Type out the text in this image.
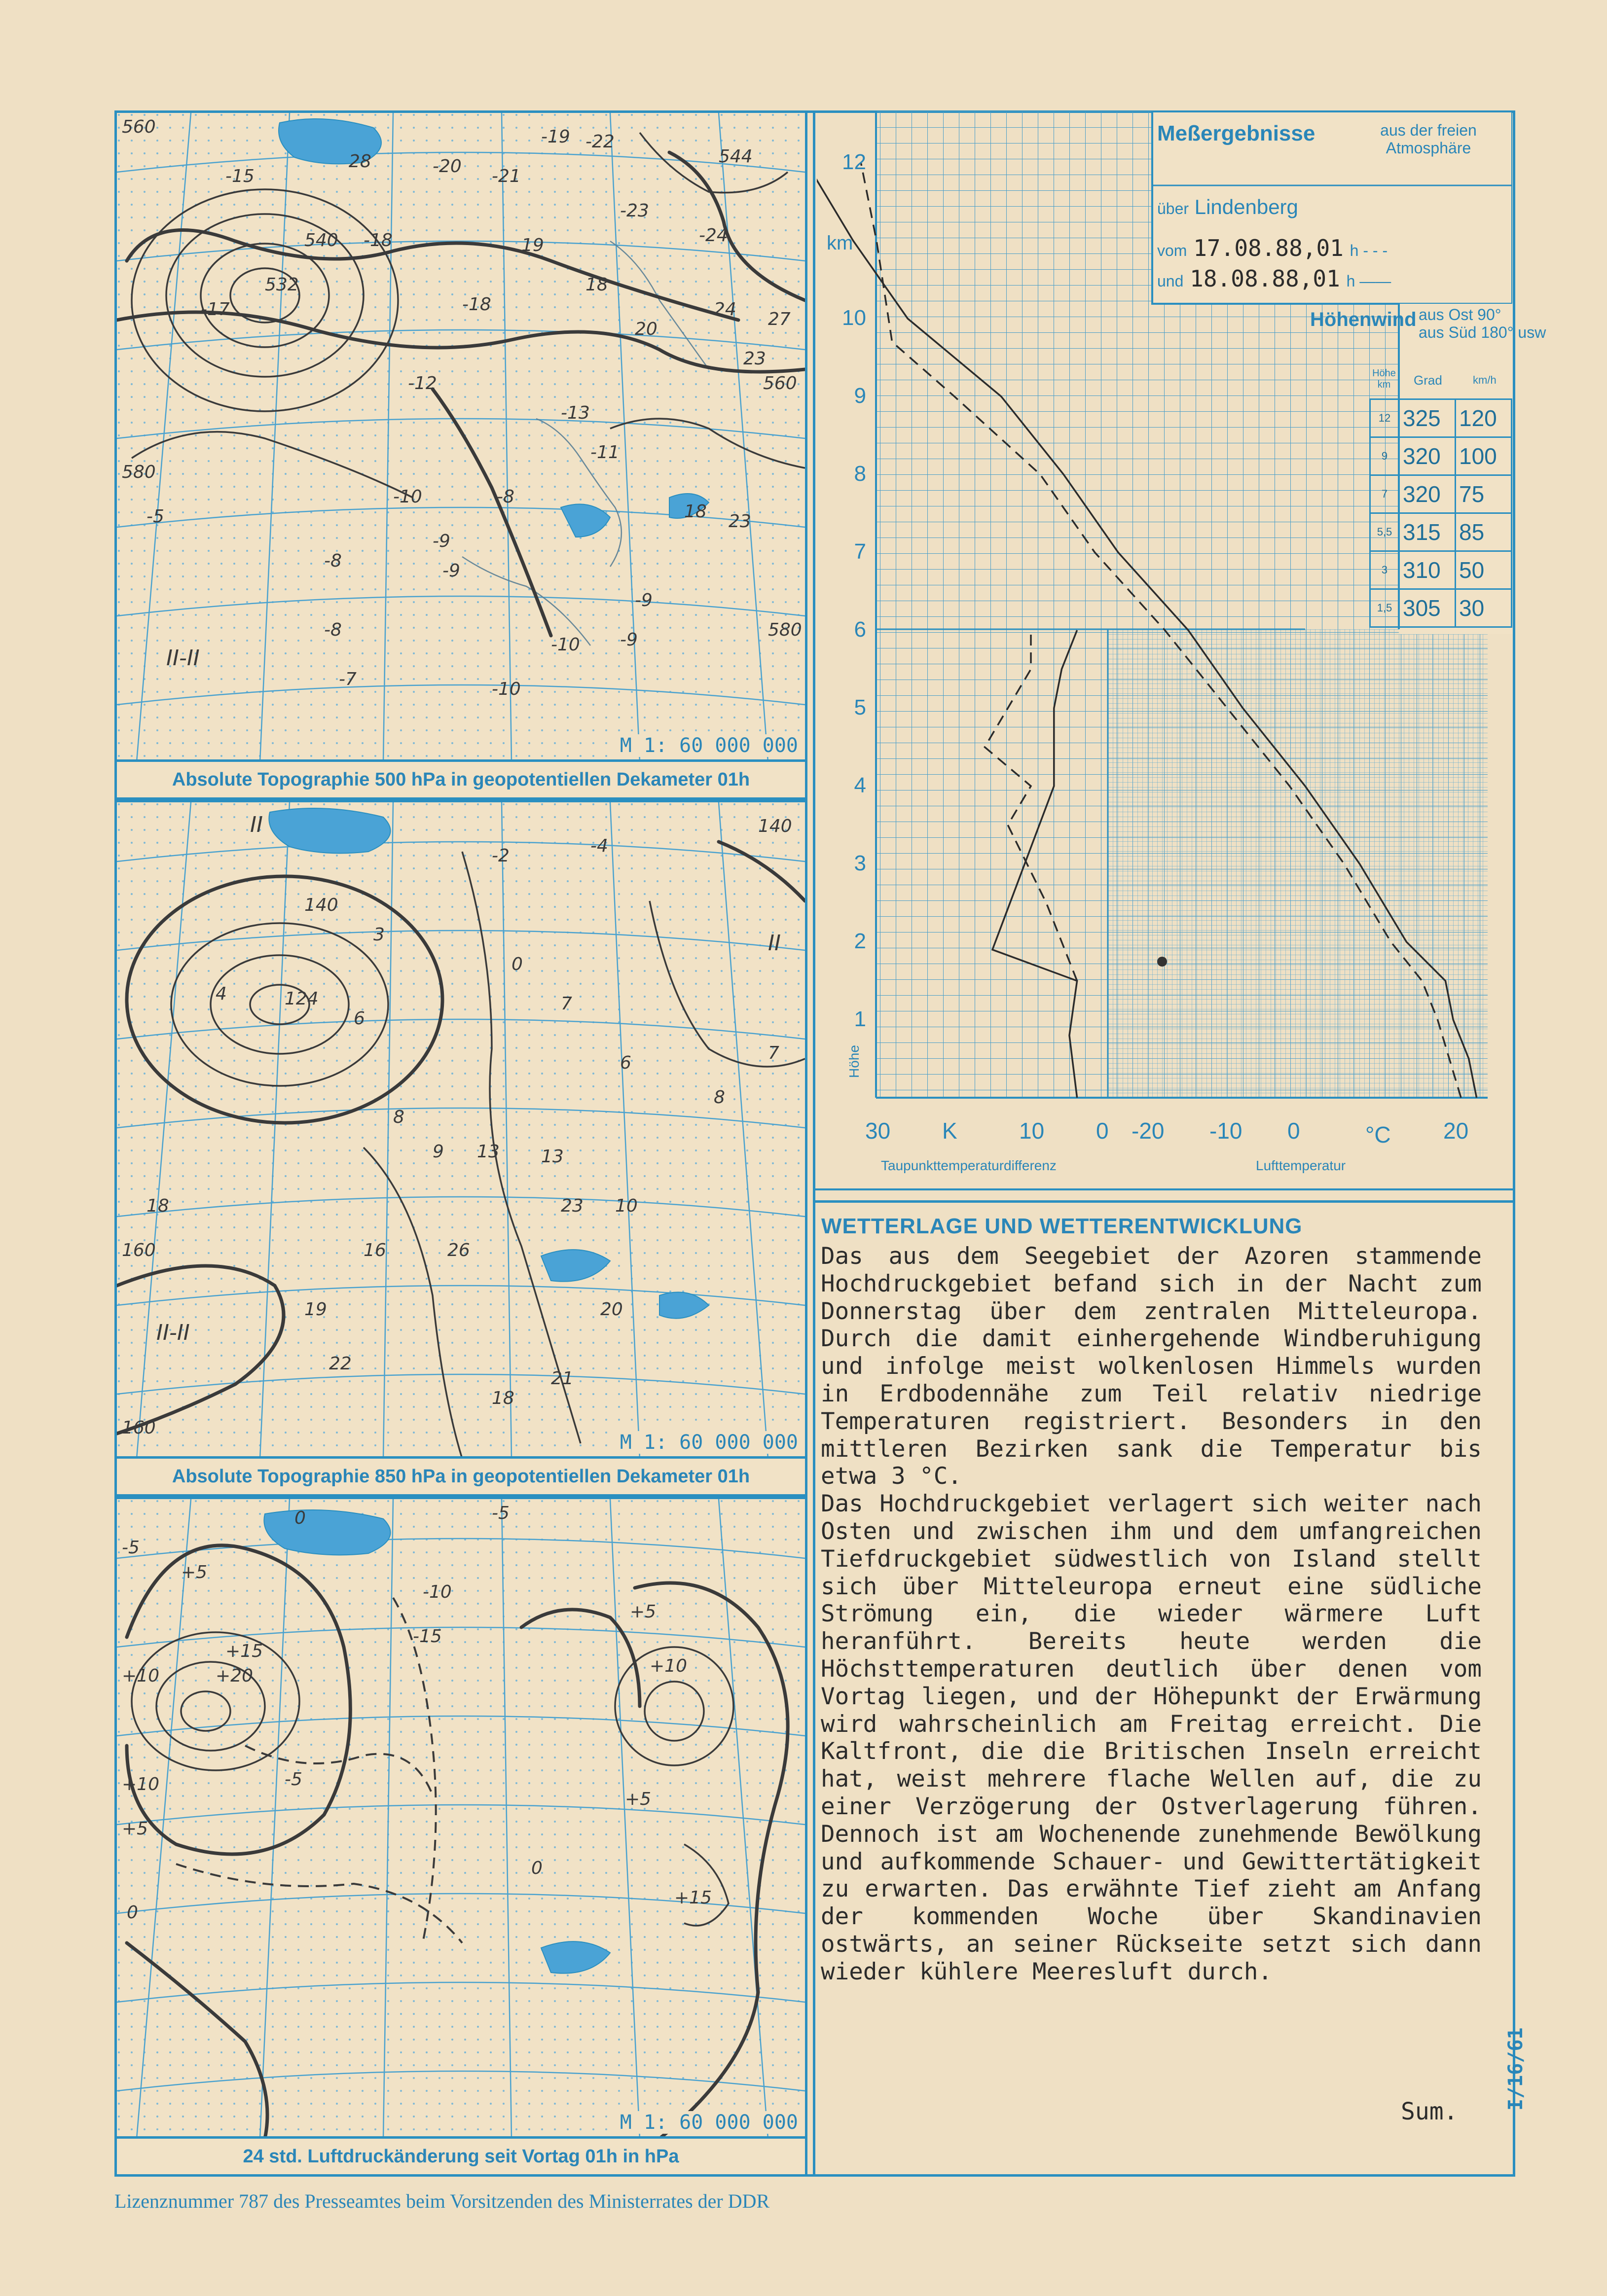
560
532
540
-15
-18
28	-20 -21
-19 -22
544
-23
-24
19
-17
18
-18
20
24
23
27
560
-12
-13
-11
-10	-8
-9
580
-5
-8	-9
-7
-8
-10
-9
-9
-10
18 23
580
II-II
M 1: 60 000 000
Absolute Topographie 500 hPa in geopotentiellen Dekameter 01h
II
140
-2	-4
140
II
124
3
4
6
0
7
7
6
8
8
9 13 13
23 10
16
18
160	26
19
22
20
21
18
II-II
160
M 1: 60 000 000
Absolute Topographie 850 hPa in geopotentiellen Dekameter 01h
-5
0
+5
-5
+15
+20
+10
-10
-15
+5
+10
+10
+5
-5
0
+15
+5
0
M 1: 60 000 000
24 std. Luftdruckänderung seit Vortag 01h in hPa
Meßergebnisse	aus der freien Atmosphäre
über Lindenberg
vom 17.08.88,01 h - - -
und 18.08.88,01 h ——
Höhenwind aus Ost 90°
aus Süd 180° usw
Höhe km	Grad	km/h
12	325	120
9	320	100
7	320	75
5,5	315	85
3	310	50
1,5	305	30
km
Höhe
12
10
9
8
7
6
5
4
3
2
1
30 K	10 0 -20 -10 0	°C 20
Taupunkttemperaturdifferenz	Lufttemperatur
WETTERLAGE UND WETTERENTWICKLUNG
Das aus dem Seegebiet der Azoren stammende Hochdruckgebiet befand sich in der Nacht zum Donnerstag über dem zentralen Mitteleuropa. Durch die damit einhergehende Windberuhigung und infolge meist wolkenlosen Himmels wurden in Erdbodennähe zum Teil relativ niedrige Temperaturen registriert. Besonders in den mittleren Bezirken sank die Temperatur bis etwa 3 °C.
Das Hochdruckgebiet verlagert sich weiter nach Osten und zwischen ihm und dem umfangreichen Tiefdruckgebiet südwestlich von Island stellt sich über Mitteleuropa erneut eine südliche Strömung ein, die wieder wärmere Luft heranführt. Bereits heute werden die Höchsttemperaturen deutlich über denen vom Vortag liegen, und der Höhepunkt der Erwärmung wird wahrscheinlich am Freitag erreicht. Die Kaltfront, die die Britischen Inseln erreicht hat, weist mehrere flache Wellen auf, die zu einer Verzögerung der Ostverlagerung führen. Dennoch ist am Wochenende zunehmende Bewölkung und aufkommende Schauer- und Gewittertätigkeit zu erwarten. Das erwähnte Tief zieht am Anfang der kommenden Woche über Skandinavien ostwärts, an seiner Rückseite setzt sich dann wieder kühlere Meeresluft durch.
Sum.
I/16/61
Lizenznummer 787 des Presseamtes beim Vorsitzenden des Ministerrates der DDR
